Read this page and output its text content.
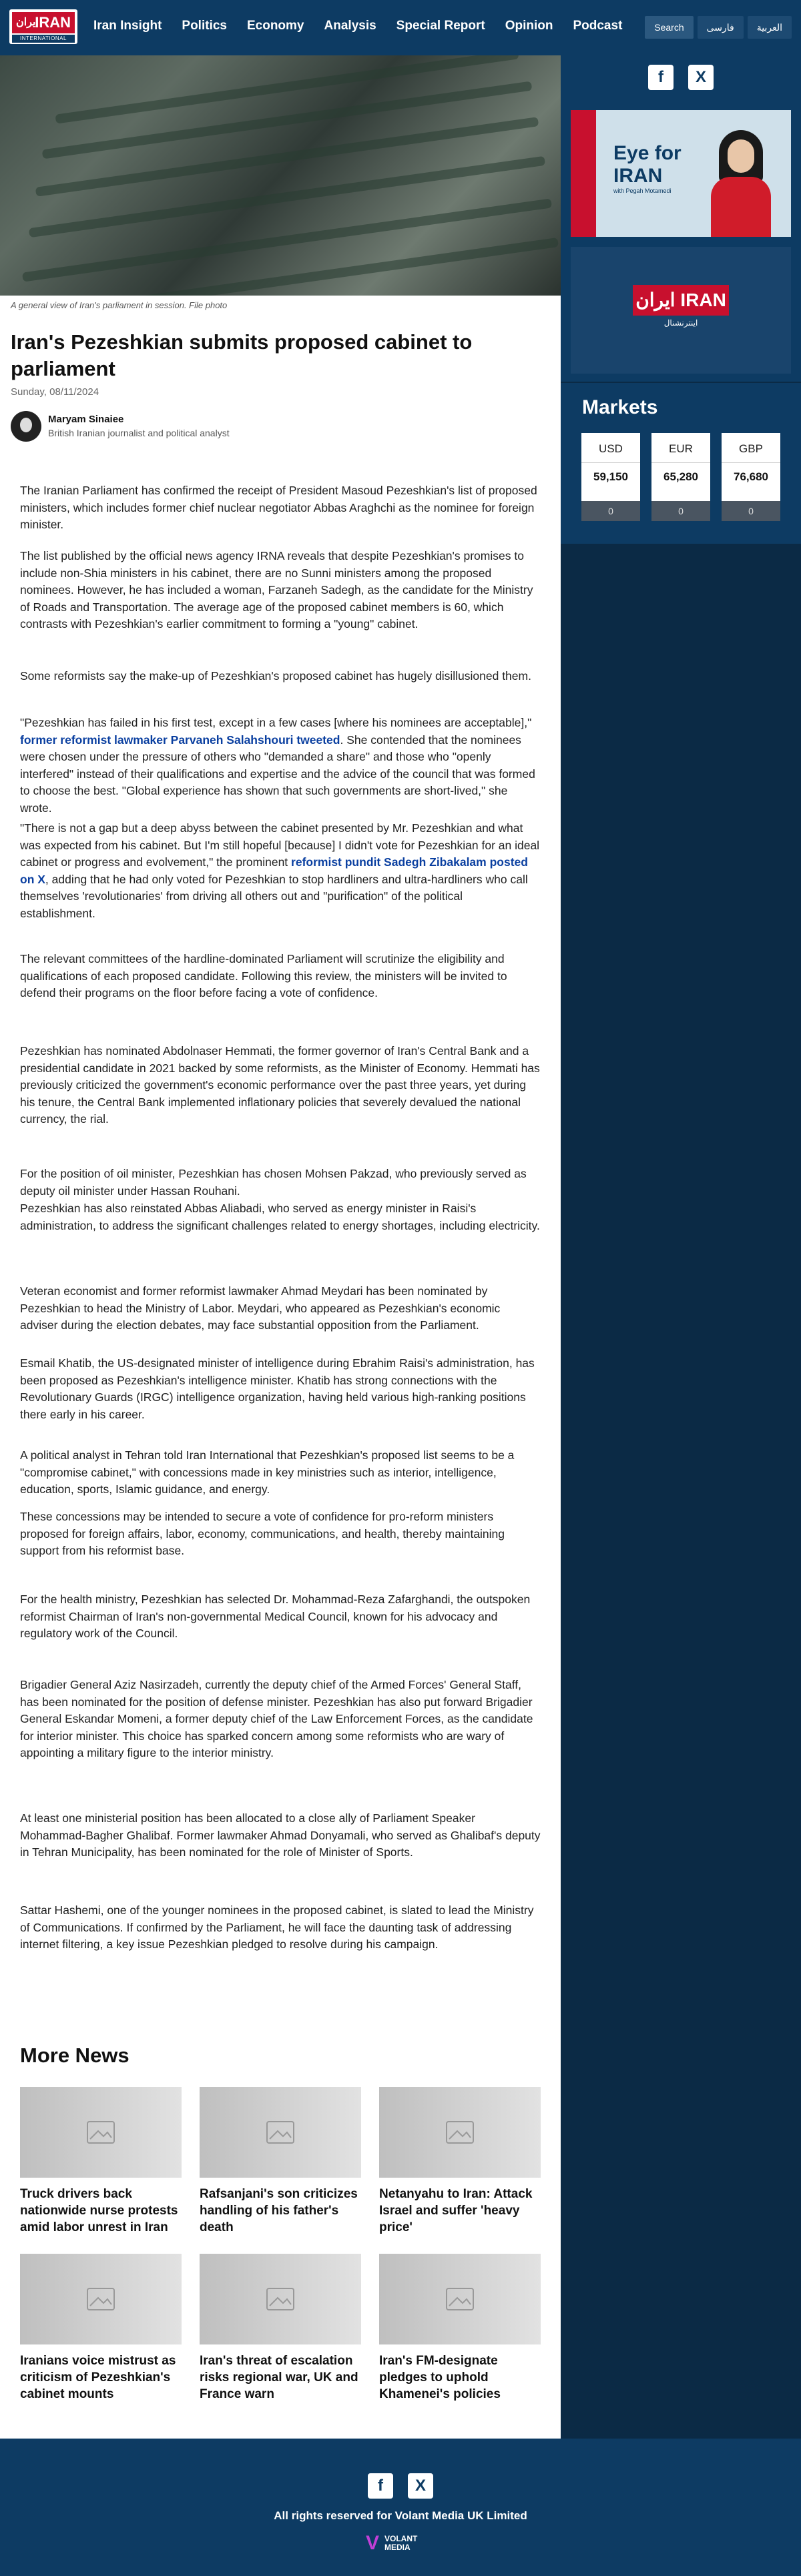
ایران
IRAN
INTERNATIONAL
Iran Insight Politics Economy Analysis Special Report Opinion Podcast	Search	فارسی	العربية
A general view of Iran's parliament in session. File photo
Iran's Pezeshkian submits proposed cabinet to parliament
Sunday, 08/11/2024
Maryam Sinaiee
British Iranian journalist and political analyst

The Iranian Parliament has confirmed the receipt of President Masoud Pezeshkian's list of proposed ministers, which includes former chief nuclear negotiator Abbas Araghchi as the nominee for foreign minister.

The list published by the official news agency IRNA reveals that despite Pezeshkian's promises to include non-Shia ministers in his cabinet, there are no Sunni ministers among the proposed nominees. However, he has included a woman, Farzaneh Sadegh, as the candidate for the Ministry of Roads and Transportation. The average age of the proposed cabinet members is 60, which contrasts with Pezeshkian's earlier commitment to forming a "young" cabinet.

Some reformists say the make-up of Pezeshkian's proposed cabinet has hugely disillusioned them.

"Pezeshkian has failed in his first test, except in a few cases [where his nominees are acceptable]," former reformist lawmaker Parvaneh Salahshouri tweeted. She contended that the nominees were chosen under the pressure of others who "demanded a share" and those who "openly interfered" instead of their qualifications and expertise and the advice of the council that was formed to choose the best. "Global experience has shown that such governments are short-lived," she wrote.

"There is not a gap but a deep abyss between the cabinet presented by Mr. Pezeshkian and what was expected from his cabinet. But I'm still hopeful [because] I didn't vote for Pezeshkian for an ideal cabinet or progress and evolvement," the prominent reformist pundit Sadegh Zibakalam posted on X, adding that he had only voted for Pezeshkian to stop hardliners and ultra-hardliners who call themselves 'revolutionaries' from driving all others out and "purification" of the political establishment.

The relevant committees of the hardline-dominated Parliament will scrutinize the eligibility and qualifications of each proposed candidate. Following this review, the ministers will be invited to defend their programs on the floor before facing a vote of confidence.

Pezeshkian has nominated Abdolnaser Hemmati, the former governor of Iran's Central Bank and a presidential candidate in 2021 backed by some reformists, as the Minister of Economy. Hemmati has previously criticized the government's economic performance over the past three years, yet during his tenure, the Central Bank implemented inflationary policies that severely devalued the national currency, the rial.

For the position of oil minister, Pezeshkian has chosen Mohsen Pakzad, who previously served as deputy oil minister under Hassan Rouhani.

Pezeshkian has also reinstated Abbas Aliabadi, who served as energy minister in Raisi's administration, to address the significant challenges related to energy shortages, including electricity.

Veteran economist and former reformist lawmaker Ahmad Meydari has been nominated by Pezeshkian to head the Ministry of Labor. Meydari, who appeared as Pezeshkian's economic adviser during the election debates, may face substantial opposition from the Parliament.

Esmail Khatib, the US-designated minister of intelligence during Ebrahim Raisi's administration, has been proposed as Pezeshkian's intelligence minister. Khatib has strong connections with the Revolutionary Guards (IRGC) intelligence organization, having held various high-ranking positions there early in his career.

A political analyst in Tehran told Iran International that Pezeshkian's proposed list seems to be a "compromise cabinet," with concessions made in key ministries such as interior, intelligence, education, sports, Islamic guidance, and energy.

These concessions may be intended to secure a vote of confidence for pro-reform ministers proposed for foreign affairs, labor, economy, communications, and health, thereby maintaining support from his reformist base.

For the health ministry, Pezeshkian has selected Dr. Mohammad-Reza Zafarghandi, the outspoken reformist Chairman of Iran's non-governmental Medical Council, known for his advocacy and regulatory work of the Council.

Brigadier General Aziz Nasirzadeh, currently the deputy chief of the Armed Forces' General Staff, has been nominated for the position of defense minister. Pezeshkian has also put forward Brigadier General Eskandar Momeni, a former deputy chief of the Law Enforcement Forces, as the candidate for interior minister. This choice has sparked concern among some reformists who are wary of appointing a military figure to the interior ministry.

At least one ministerial position has been allocated to a close ally of Parliament Speaker Mohammad-Bagher Ghalibaf. Former lawmaker Ahmad Donyamali, who served as Ghalibaf's deputy in Tehran Municipality, has been nominated for the role of Minister of Sports.

Sattar Hashemi, one of the younger nominees in the proposed cabinet, is slated to lead the Ministry of Communications. If confirmed by the Parliament, he will face the daunting task of addressing internet filtering, a key issue Pezeshkian pledged to resolve during his campaign.

More News
Truck drivers back nationwide nurse protests amid labor unrest in Iran
Rafsanjani's son criticizes handling of his father's death
Netanyahu to Iran: Attack Israel and suffer 'heavy price'
Iranians voice mistrust as criticism of Pezeshkian's cabinet mounts
Iran's threat of escalation risks regional war, UK and France warn
Iran's FM-designate pledges to uphold Khamenei's policies
f	X
Eye for
IRAN
with Pegah Motamedi
ایران IRAN
اینترنشنال
Markets
USD
59,150
0
EUR
65,280
0
GBP
76,680
0
f	X
All rights reserved for Volant Media UK Limited
V VOLANT
MEDIA
